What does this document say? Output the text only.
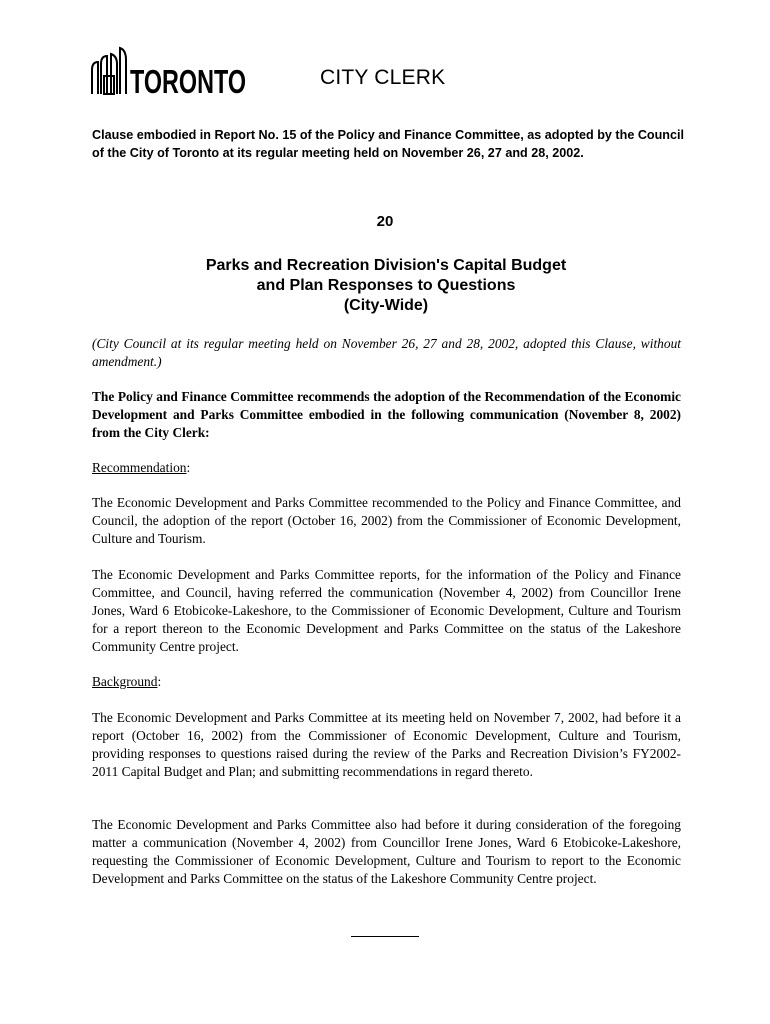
TORONTO	CITY CLERK

Clause embodied in Report No. 15 of the Policy and Finance Committee, as adopted by the Council of the City of Toronto at its regular meeting held on November 26, 27 and 28, 2002.

20
Parks and Recreation Division's Capital Budget
and Plan Responses to Questions
(City-Wide)

(City Council at its regular meeting held on November 26, 27 and 28, 2002, adopted this Clause, without amendment.)

The Policy and Finance Committee recommends the adoption of the Recommendation of the Economic Development and Parks Committee embodied in the following communication (November 8, 2002) from the City Clerk:

Recommendation:

The Economic Development and Parks Committee recommended to the Policy and Finance Committee, and Council, the adoption of the report (October 16, 2002) from the Commissioner of Economic Development, Culture and Tourism.

The Economic Development and Parks Committee reports, for the information of the Policy and Finance Committee, and Council, having referred the communication (November 4, 2002) from Councillor Irene Jones, Ward 6 Etobicoke-Lakeshore, to the Commissioner of Economic Development, Culture and Tourism for a report thereon to the Economic Development and Parks Committee on the status of the Lakeshore Community Centre project.

Background:

The Economic Development and Parks Committee at its meeting held on November 7, 2002, had before it a report (October 16, 2002) from the Commissioner of Economic Development, Culture and Tourism, providing responses to questions raised during the review of the Parks and Recreation Division’s FY2002-2011 Capital Budget and Plan; and submitting recommendations in regard thereto.

The Economic Development and Parks Committee also had before it during consideration of the foregoing matter a communication (November 4, 2002) from Councillor Irene Jones, Ward 6 Etobicoke-Lakeshore, requesting the Commissioner of Economic Development, Culture and Tourism to report to the Economic Development and Parks Committee on the status of the Lakeshore Community Centre project.
